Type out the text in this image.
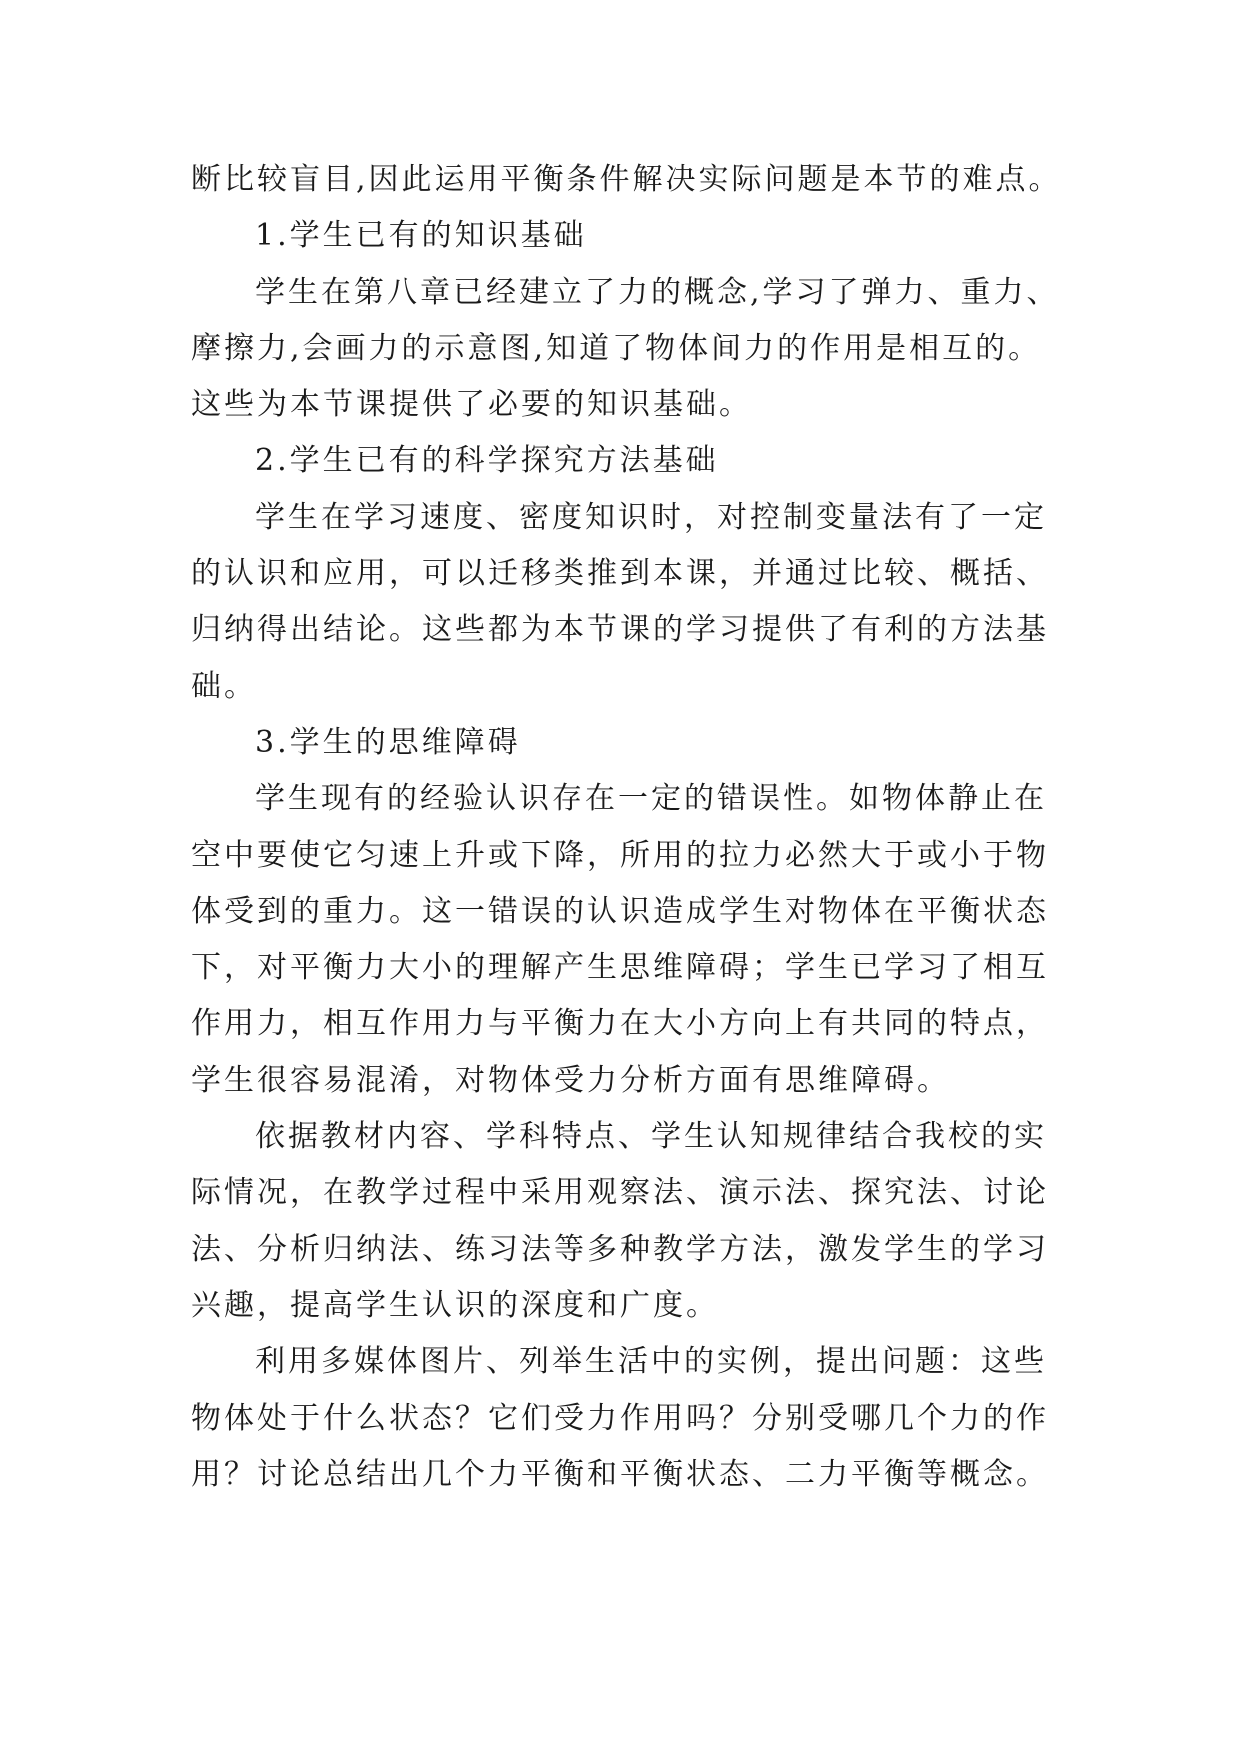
断比较盲目,因此运用平衡条件解决实际问题是本节的难点。

1.学生已有的知识基础

学生在第八章已经建立了力的概念,学习了弹力、重力、摩擦力,会画力的示意图,知道了物体间力的作用是相互的。这些为本节课提供了必要的知识基础。

2.学生已有的科学探究方法基础

学生在学习速度、密度知识时，对控制变量法有了一定的认识和应用，可以迁移类推到本课，并通过比较、概括、归纳得出结论。这些都为本节课的学习提供了有利的方法基础。

3.学生的思维障碍

学生现有的经验认识存在一定的错误性。如物体静止在空中要使它匀速上升或下降，所用的拉力必然大于或小于物体受到的重力。这一错误的认识造成学生对物体在平衡状态下，对平衡力大小的理解产生思维障碍；学生已学习了相互作用力，相互作用力与平衡力在大小方向上有共同的特点，学生很容易混淆，对物体受力分析方面有思维障碍。

依据教材内容、学科特点、学生认知规律结合我校的实际情况，在教学过程中采用观察法、演示法、探究法、讨论法、分析归纳法、练习法等多种教学方法，激发学生的学习兴趣，提高学生认识的深度和广度。

利用多媒体图片、列举生活中的实例，提出问题：这些物体处于什么状态？它们受力作用吗？分别受哪几个力的作用？讨论总结出几个力平衡和平衡状态、二力平衡等概念。
